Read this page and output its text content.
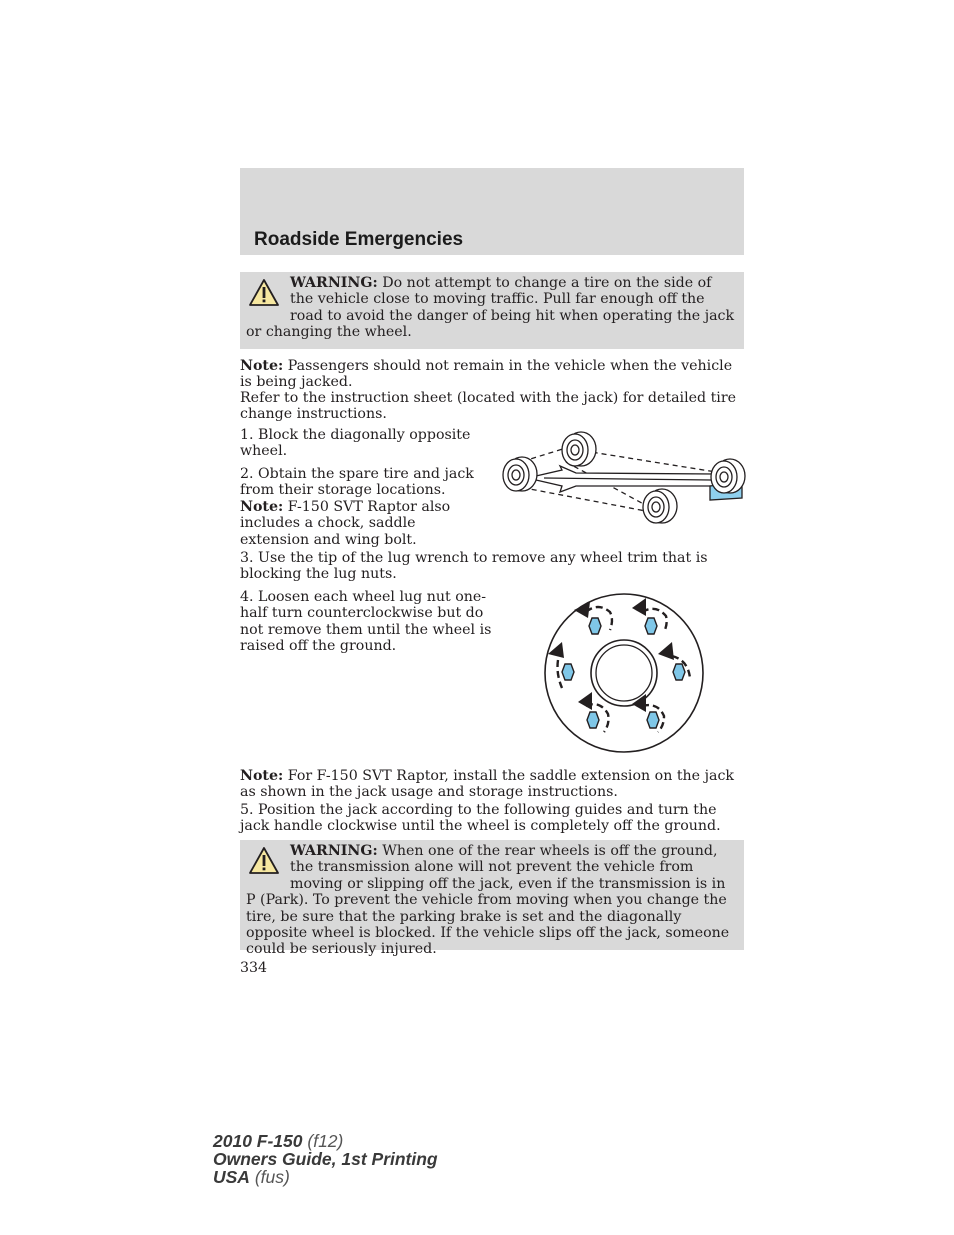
Roadside Emergencies

WARNING: Do not attempt to change a tire on the side of the vehicle close to moving traffic. Pull far enough off the road to avoid the danger of being hit when operating the jack or changing the wheel.

Note: Passengers should not remain in the vehicle when the vehicle is being jacked.

Refer to the instruction sheet (located with the jack) for detailed tire change instructions.

1. Block the diagonally opposite wheel.

2. Obtain the spare tire and jack from their storage locations. Note: F-150 SVT Raptor also includes a chock, saddle extension and wing bolt.

3. Use the tip of the lug wrench to remove any wheel trim that is blocking the lug nuts.

4. Loosen each wheel lug nut one-half turn counterclockwise but do not remove them until the wheel is raised off the ground.

Note: For F-150 SVT Raptor, install the saddle extension on the jack as shown in the jack usage and storage instructions.

5. Position the jack according to the following guides and turn the jack handle clockwise until the wheel is completely off the ground.

WARNING: When one of the rear wheels is off the ground, the transmission alone will not prevent the vehicle from moving or slipping off the jack, even if the transmission is in P (Park). To prevent the vehicle from moving when you change the tire, be sure that the parking brake is set and the diagonally opposite wheel is blocked. If the vehicle slips off the jack, someone could be seriously injured.

334

2010 F-150 (f12)
Owners Guide, 1st Printing
USA (fus)
